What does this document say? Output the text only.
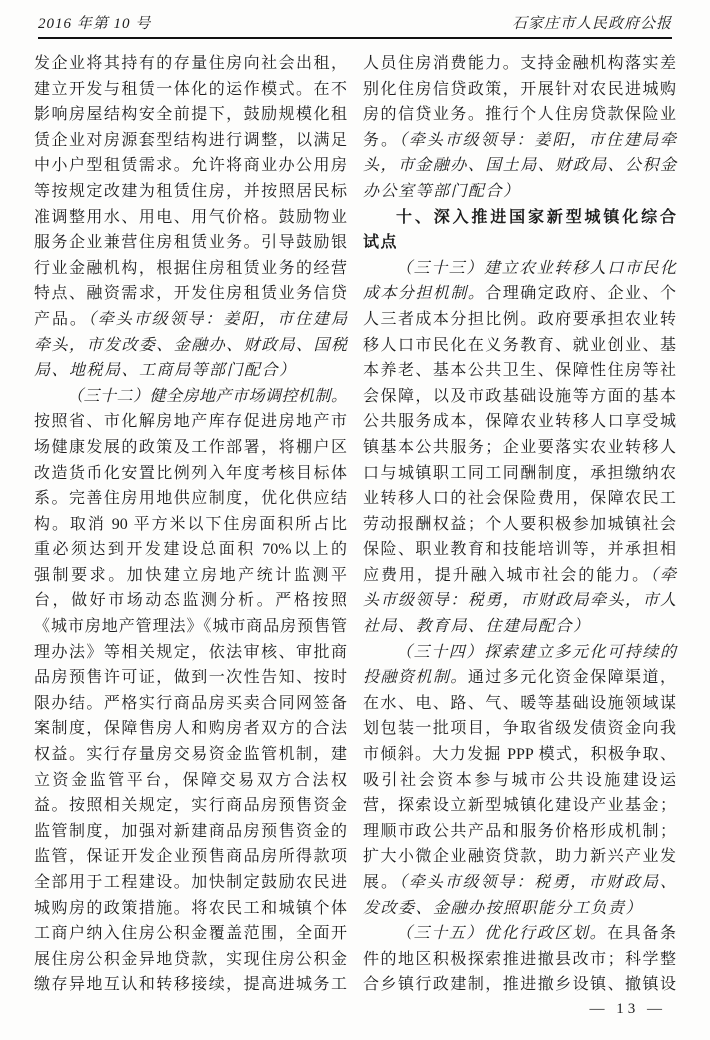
2016 年第 10 号	石家庄市人民政府公报
发企业将其持有的存量住房向社会出租，
建立开发与租赁一体化的运作模式。在不
影响房屋结构安全前提下，鼓励规模化租
赁企业对房源套型结构进行调整，以满足
中小户型租赁需求。允许将商业办公用房
等按规定改建为租赁住房，并按照居民标
准调整用水、用电、用气价格。鼓励物业
服务企业兼营住房租赁业务。引导鼓励银
行业金融机构，根据住房租赁业务的经营
特点、融资需求，开发住房租赁业务信贷
产品。（牵头市级领导：姜阳，市住建局
牵头，市发改委、金融办、财政局、国税
局、地税局、工商局等部门配合）
（三十二）健全房地产市场调控机制。
按照省、市化解房地产库存促进房地产市
场健康发展的政策及工作部署，将棚户区
改造货币化安置比例列入年度考核目标体
系。完善住房用地供应制度，优化供应结
构。取消 90 平方米以下住房面积所占比
重必须达到开发建设总面积 70%以上的
强制要求。加快建立房地产统计监测平
台，做好市场动态监测分析。严格按照
《城市房地产管理法》《城市商品房预售管
理办法》等相关规定，依法审核、审批商
品房预售许可证，做到一次性告知、按时
限办结。严格实行商品房买卖合同网签备
案制度，保障售房人和购房者双方的合法
权益。实行存量房交易资金监管机制，建
立资金监管平台，保障交易双方合法权
益。按照相关规定，实行商品房预售资金
监管制度，加强对新建商品房预售资金的
监管，保证开发企业预售商品房所得款项
全部用于工程建设。加快制定鼓励农民进
城购房的政策措施。将农民工和城镇个体
工商户纳入住房公积金覆盖范围，全面开
展住房公积金异地贷款，实现住房公积金
缴存异地互认和转移接续，提高进城务工
人员住房消费能力。支持金融机构落实差
别化住房信贷政策，开展针对农民进城购
房的信贷业务。推行个人住房贷款保险业
务。（牵头市级领导：姜阳，市住建局牵
头，市金融办、国土局、财政局、公积金
办公室等部门配合）
十、深入推进国家新型城镇化综合
试点
（三十三）建立农业转移人口市民化
成本分担机制。合理确定政府、企业、个
人三者成本分担比例。政府要承担农业转
移人口市民化在义务教育、就业创业、基
本养老、基本公共卫生、保障性住房等社
会保障，以及市政基础设施等方面的基本
公共服务成本，保障农业转移人口享受城
镇基本公共服务；企业要落实农业转移人
口与城镇职工同工同酬制度，承担缴纳农
业转移人口的社会保险费用，保障农民工
劳动报酬权益；个人要积极参加城镇社会
保险、职业教育和技能培训等，并承担相
应费用，提升融入城市社会的能力。（牵
头市级领导：税勇，市财政局牵头，市人
社局、教育局、住建局配合）
（三十四）探索建立多元化可持续的
投融资机制。通过多元化资金保障渠道，
在水、电、路、气、暖等基础设施领域谋
划包装一批项目，争取省级发债资金向我
市倾斜。大力发掘 PPP 模式，积极争取、
吸引社会资本参与城市公共设施建设运
营，探索设立新型城镇化建设产业基金；
理顺市政公共产品和服务价格形成机制；
扩大小微企业融资贷款，助力新兴产业发
展。（牵头市级领导：税勇，市财政局、
发改委、金融办按照职能分工负责）
（三十五）优化行政区划。在具备条
件的地区积极探索推进撤县改市；科学整
合乡镇行政建制，推进撤乡设镇、撤镇设
— 13 —
